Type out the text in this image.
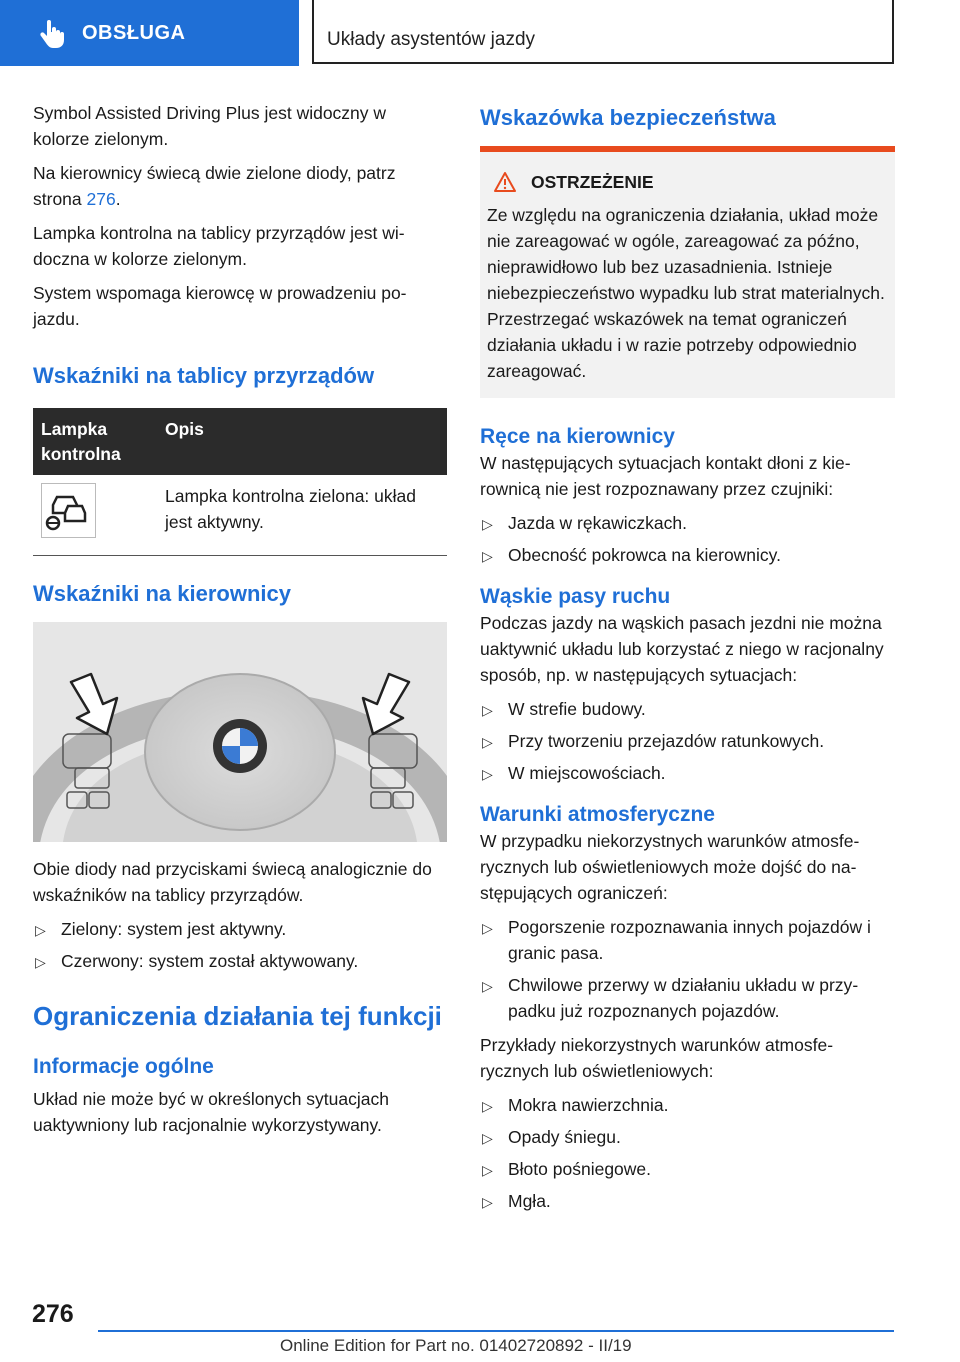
OBSŁUGA	Układy asystentów jazdy

Symbol Assisted Driving Plus jest widoczny w kolorze zielonym.

Na kierownicy świecą dwie zielone diody, patrz strona 276.

Lampka kontrolna na tablicy przyrządów jest widoczna w kolorze zielonym.

System wspomaga kierowcę w prowadzeniu pojazdu.

Wskaźniki na tablicy przyrządów
Lampka kontrolna	Opis
	Lampka kontrolna zielona: układ jest aktywny.
Wskaźniki na kierownicy

Obie diody nad przyciskami świecą analogicznie do wskaźników na tablicy przyrządów.

▷ Zielony: system jest aktywny.
▷ Czerwony: system został aktywowany.
Ograniczenia działania tej funkcji
Informacje ogólne

Układ nie może być w określonych sytuacjach uaktywniony lub racjonalnie wykorzystywany.

Wskazówka bezpieczeństwa
OSTRZEŻENIE

Ze względu na ograniczenia działania, układ może nie zareagować w ogóle, zareagować za późno, nieprawidłowo lub bez uzasadnienia. Istnieje niebezpieczeństwo wypadku lub strat materialnych. Przestrzegać wskazówek na temat ograniczeń działania układu i w razie potrzeby odpowiednio zareagować.

Ręce na kierownicy

W następujących sytuacjach kontakt dłoni z kierownicą nie jest rozpoznawany przez czujniki:

▷ Jazda w rękawiczkach.
▷ Obecność pokrowca na kierownicy.
Wąskie pasy ruchu

Podczas jazdy na wąskich pasach jezdni nie można uaktywnić układu lub korzystać z niego w racjonalny sposób, np. w następujących sytuacjach:

▷ W strefie budowy.
▷ Przy tworzeniu przejazdów ratunkowych.
▷ W miejscowościach.
Warunki atmosferyczne

W przypadku niekorzystnych warunków atmosferycznych lub oświetleniowych może dojść do następujących ograniczeń:

▷ Pogorszenie rozpoznawania innych pojazdów i granic pasa.
▷ Chwilowe przerwy w działaniu układu w przypadku już rozpoznanych pojazdów.

Przykłady niekorzystnych warunków atmosferycznych lub oświetleniowych:

▷ Mokra nawierzchnia.
▷ Opady śniegu.
▷ Błoto pośniegowe.
▷ Mgła.
276
Online Edition for Part no. 01402720892 - II/19
